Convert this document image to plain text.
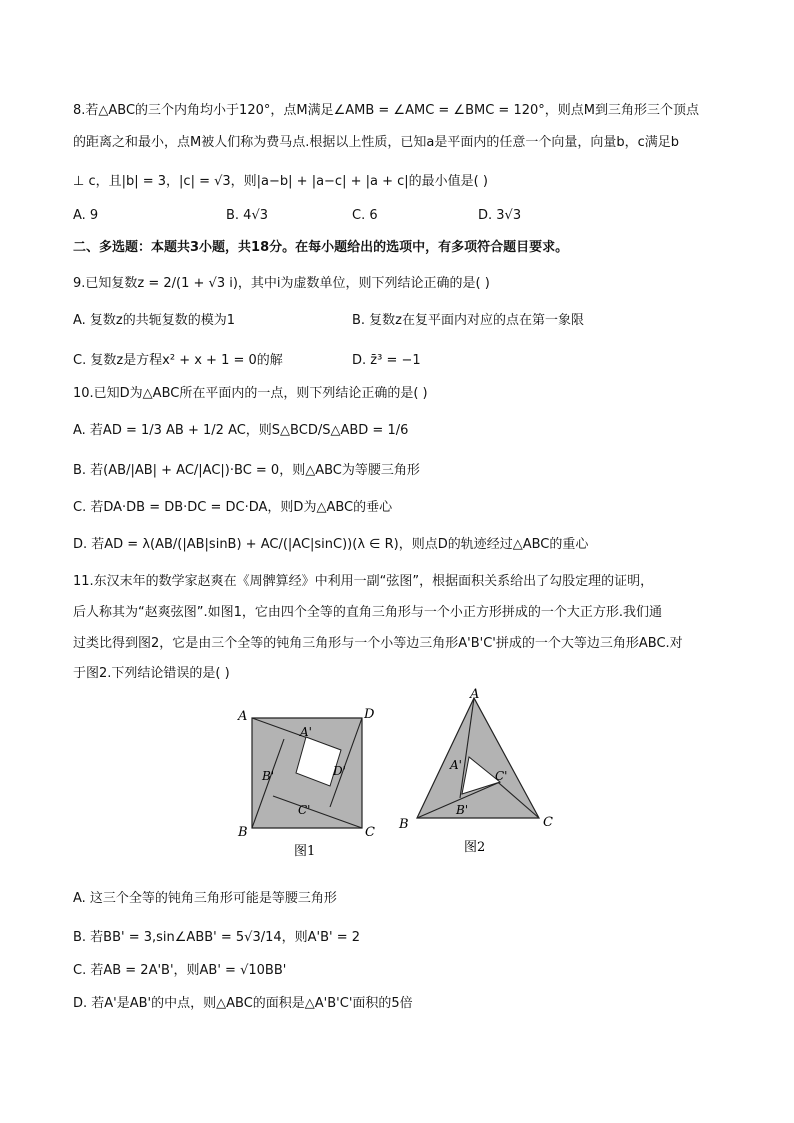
8.若△ABC的三个内角均小于120°，点M满足∠AMB = ∠AMC = ∠BMC = 120°，则点M到三角形三个顶点
的距离之和最小，点M被人们称为费马点.根据以上性质，已知a是平面内的任意一个向量，向量b，c满足b
⊥ c，且|b| = 3，|c| = √3，则|a−b| + |a−c| + |a + c|的最小值是( )
A. 9	B. 4√3	C. 6	D. 3√3
二、多选题：本题共3小题，共18分。在每小题给出的选项中，有多项符合题目要求。
9.已知复数z = 2/(1 + √3 i)，其中i为虚数单位，则下列结论正确的是( )
A. 复数z的共轭复数的模为1	B. 复数z在复平面内对应的点在第一象限
C. 复数z是方程x² + x + 1 = 0的解	D. z̄³ = −1
10.已知D为△ABC所在平面内的一点，则下列结论正确的是( )
A. 若AD = 1/3 AB + 1/2 AC，则S△BCD/S△ABD = 1/6
B. 若(AB/|AB| + AC/|AC|)·BC = 0，则△ABC为等腰三角形
C. 若DA·DB = DB·DC = DC·DA，则D为△ABC的垂心
D. 若AD = λ(AB/(|AB|sinB) + AC/(|AC|sinC))(λ ∈ R)，则点D的轨迹经过△ABC的重心
11.东汉末年的数学家赵爽在《周髀算经》中利用一副“弦图”，根据面积关系给出了勾股定理的证明，
后人称其为“赵爽弦图”.如图1，它由四个全等的直角三角形与一个小正方形拼成的一个大正方形.我们通
过类比得到图2，它是由三个全等的钝角三角形与一个小等边三角形A'B'C'拼成的一个大等边三角形ABC.对
于图2.下列结论错误的是( )
A	D
B	C
A'
B'
C'
D'
图1
A
B	C
A'
B'
C'
图2
A. 这三个全等的钝角三角形可能是等腰三角形
B. 若BB' = 3,sin∠ABB' = 5√3/14，则A'B' = 2
C. 若AB = 2A'B'，则AB' = √10BB'
D. 若A'是AB'的中点，则△ABC的面积是△A'B'C'面积的5倍
